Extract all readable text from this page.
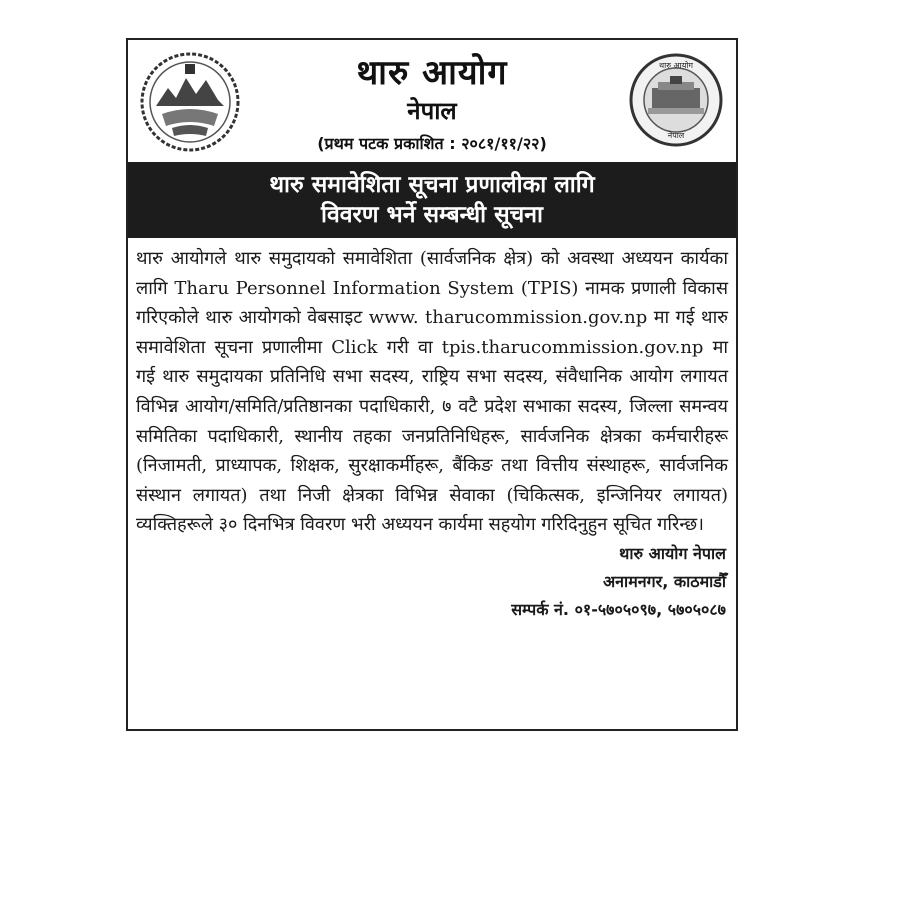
थारु आयोग
नेपाल
(प्रथम पटक प्रकाशित : २०८१/११/२२)
थारु आयोग
नेपाल
थारु समावेशिता सूचना प्रणालीका लागि
विवरण भर्ने सम्बन्धी सूचना
थारु आयोगले थारु समुदायको समावेशिता (सार्वजनिक क्षेत्र) को अवस्था अध्ययन कार्यका लागि Tharu Personnel Information System (TPIS) नामक प्रणाली विकास गरिएकोले थारु आयोगको वेबसाइट www. tharucommission.gov.np मा गई थारु समावेशिता सूचना प्रणालीमा Click गरी वा tpis.tharucommission.gov.np मा गई थारु समुदायका प्रतिनिधि सभा सदस्य, राष्ट्रिय सभा सदस्य, संवैधानिक आयोग लगायत विभिन्न आयोग/समिति/प्रतिष्ठानका पदाधिकारी, ७ वटै प्रदेश सभाका सदस्य, जिल्ला समन्वय समितिका पदाधिकारी, स्थानीय तहका जनप्रतिनिधिहरू, सार्वजनिक क्षेत्रका कर्मचारीहरू (निजामती, प्राध्यापक, शिक्षक, सुरक्षाकर्मीहरू, बैंकिङ तथा वित्तीय संस्थाहरू, सार्वजनिक संस्थान लगायत) तथा निजी क्षेत्रका विभिन्न सेवाका (चिकित्सक, इन्जिनियर लगायत) व्यक्तिहरूले ३० दिनभित्र विवरण भरी अध्ययन कार्यमा सहयोग गरिदिनुहुन सूचित गरिन्छ।
थारु आयोग नेपाल
अनामनगर, काठमाडौँ
सम्पर्क नं. ०१-५७०५०९७, ५७०५०८७
